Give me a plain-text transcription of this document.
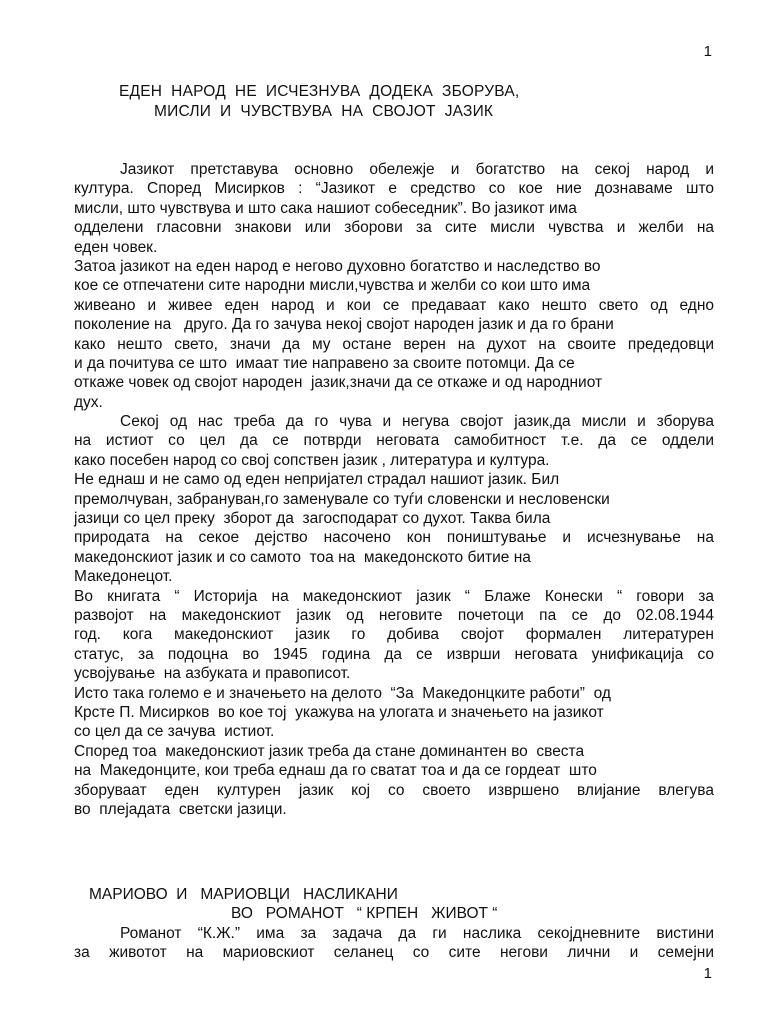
1
ЕДЕН  НАРОД  НЕ  ИСЧЕЗНУВА  ДОДЕКА  ЗБОРУВА,
МИСЛИ  И  ЧУВСТВУВА  НА  СВОЈОТ  ЈАЗИК
Јазикот претставува основно обележје и богатство на секој народ и
култура. Според Мисирков : “Јазикот е средство со кое ние дознаваме што
мисли, што чувствува и што сака нашиот собеседник”. Во јазикот има
одделени гласовни знакови или зборови за сите мисли чувства и желби на
еден човек.
Затоа јазикот на еден народ е негово духовно богатство и наследство во
кое се отпечатени сите народни мисли,чувства и желби со кои што има
живеано и живее еден народ и кои се предаваат како нешто свето од едно
поколение на   друго. Да го зачува некој својот народен јазик и да го брани
како нешто свето, значи да му остане верен на духот на своите предедовци
и да почитува се што  имаат тие направено за своите потомци. Да се
откаже човек од својот народен  јазик,значи да се откаже и од народниот
дух.
Секој од нас треба да го чува и негува својот јазик,да мисли и зборува
на истиот со цел да се потврди неговата самобитност т.е. да се оддели
како посебен народ со свој сопствен јазик , литература и култура.
Не еднаш и не само од еден непријател страдал нашиот јазик. Бил
премолчуван, забрануван,го заменувале со туѓи словенски и несловенски
јазици со цел преку  зборот да  загосподарат со духот. Таква била
природата на секое дејство насочено кон поништување и исчезнување на
македонскиот јазик и со самото  тоа на  македонското битие на
Македонецот.
Во книгата “ Историја на македонскиот јазик “ Блаже Конески “ говори за
развојот на македонскиот јазик од неговите почетоци па се до 02.08.1944
год. кога македонскиот јазик го добива својот формален литературен
статус, за подоцна во 1945 година да се изврши неговата унификација со
усвојување  на азбуката и правописот.
Исто така големо е и значењето на делото  “За  Македонцките работи”  од
Крсте П. Мисирков  во кое тој  укажува на улогата и значењето на јазикот
со цел да се зачува  истиот.
Според тоа  македонскиот јазик треба да стане доминантен во  свеста
на  Македонците, кои треба еднаш да го сватат тоа и да се гордеат  што
зборуваат еден културен јазик кој со своето извршено влијание влегува
во  плејадата  светски јазици.
МАРИОВО  И   МАРИОВЦИ   НАСЛИКАНИ
ВО   РОМАНОТ   “ КРПЕН   ЖИВОТ “
Романот “К.Ж.” има за задача да ги наслика секојдневните вистини
за животот на мариовскиот селанец со сите негови лични и семејни
1
